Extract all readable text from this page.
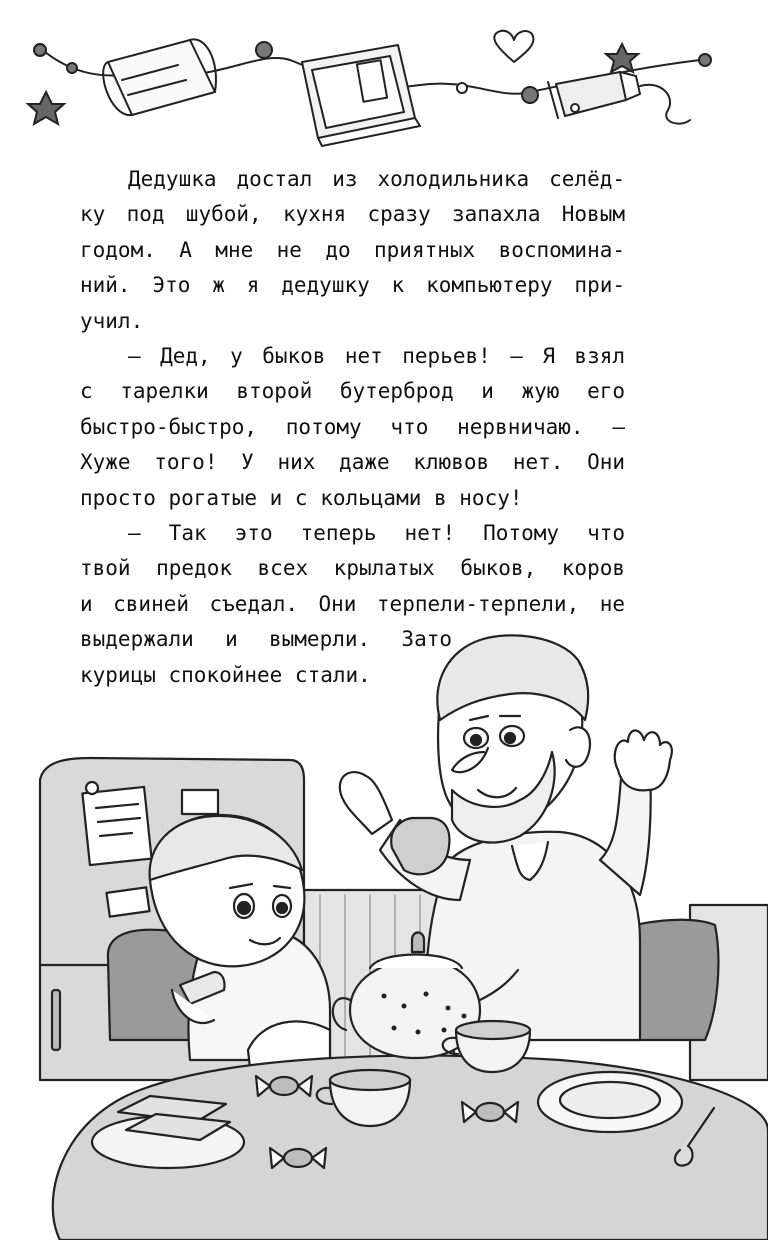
Дедушка достал из холодильника селёд-
ку под шубой, кухня сразу запахла Новым
годом. А мне не до приятных воспомина-
ний. Это ж я дедушку к компьютеру при-
учил.
— Дед, у быков нет перьев! — Я взял
с тарелки второй бутерброд и жую его
быстро-быстро, потому что нервничаю. —
Хуже того! У них даже клювов нет. Они
просто рогатые и с кольцами в носу!
— Так это теперь нет! Потому что
твой предок всех крылатых быков, коров
и свиней съедал. Они терпели-терпели, не
выдержали и вымерли. Зато
курицы спокойнее стали.
